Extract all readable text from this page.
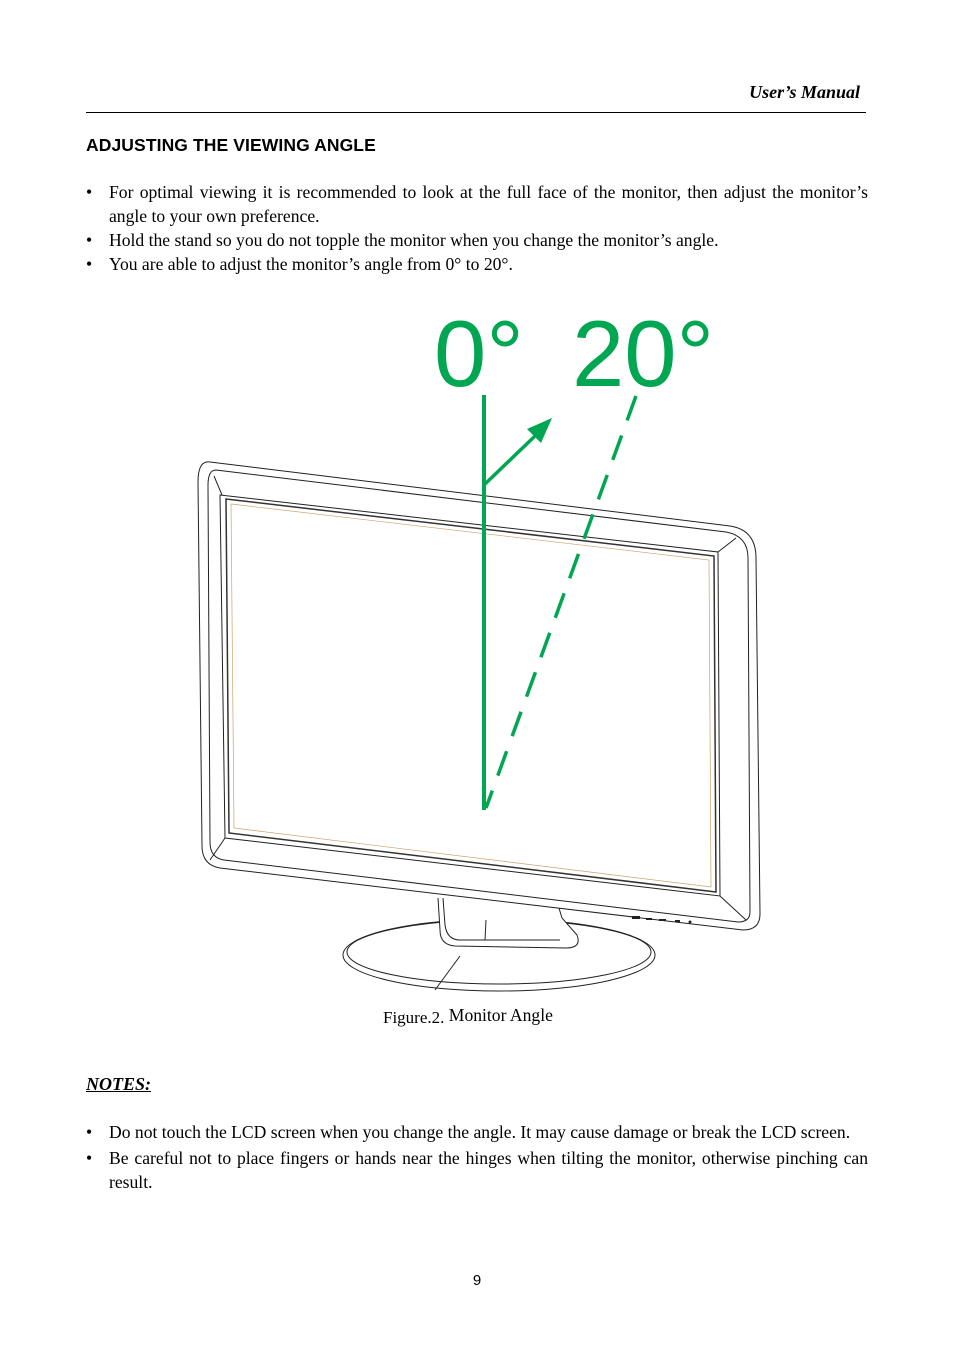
User’s Manual
ADJUSTING THE VIEWING ANGLE
• For optimal viewing it is recommended to look at the full face of the monitor, then adjust the monitor’s angle to your own preference.
• Hold the stand so you do not topple the monitor when you change the monitor’s angle.
• You are able to adjust the monitor’s angle from 0° to 20°.
0° 20°
Figure.2. Monitor Angle
NOTES:
• Do not touch the LCD screen when you change the angle. It may cause damage or break the LCD screen.
• Be careful not to place fingers or hands near the hinges when tilting the monitor, otherwise pinching can result.
9
